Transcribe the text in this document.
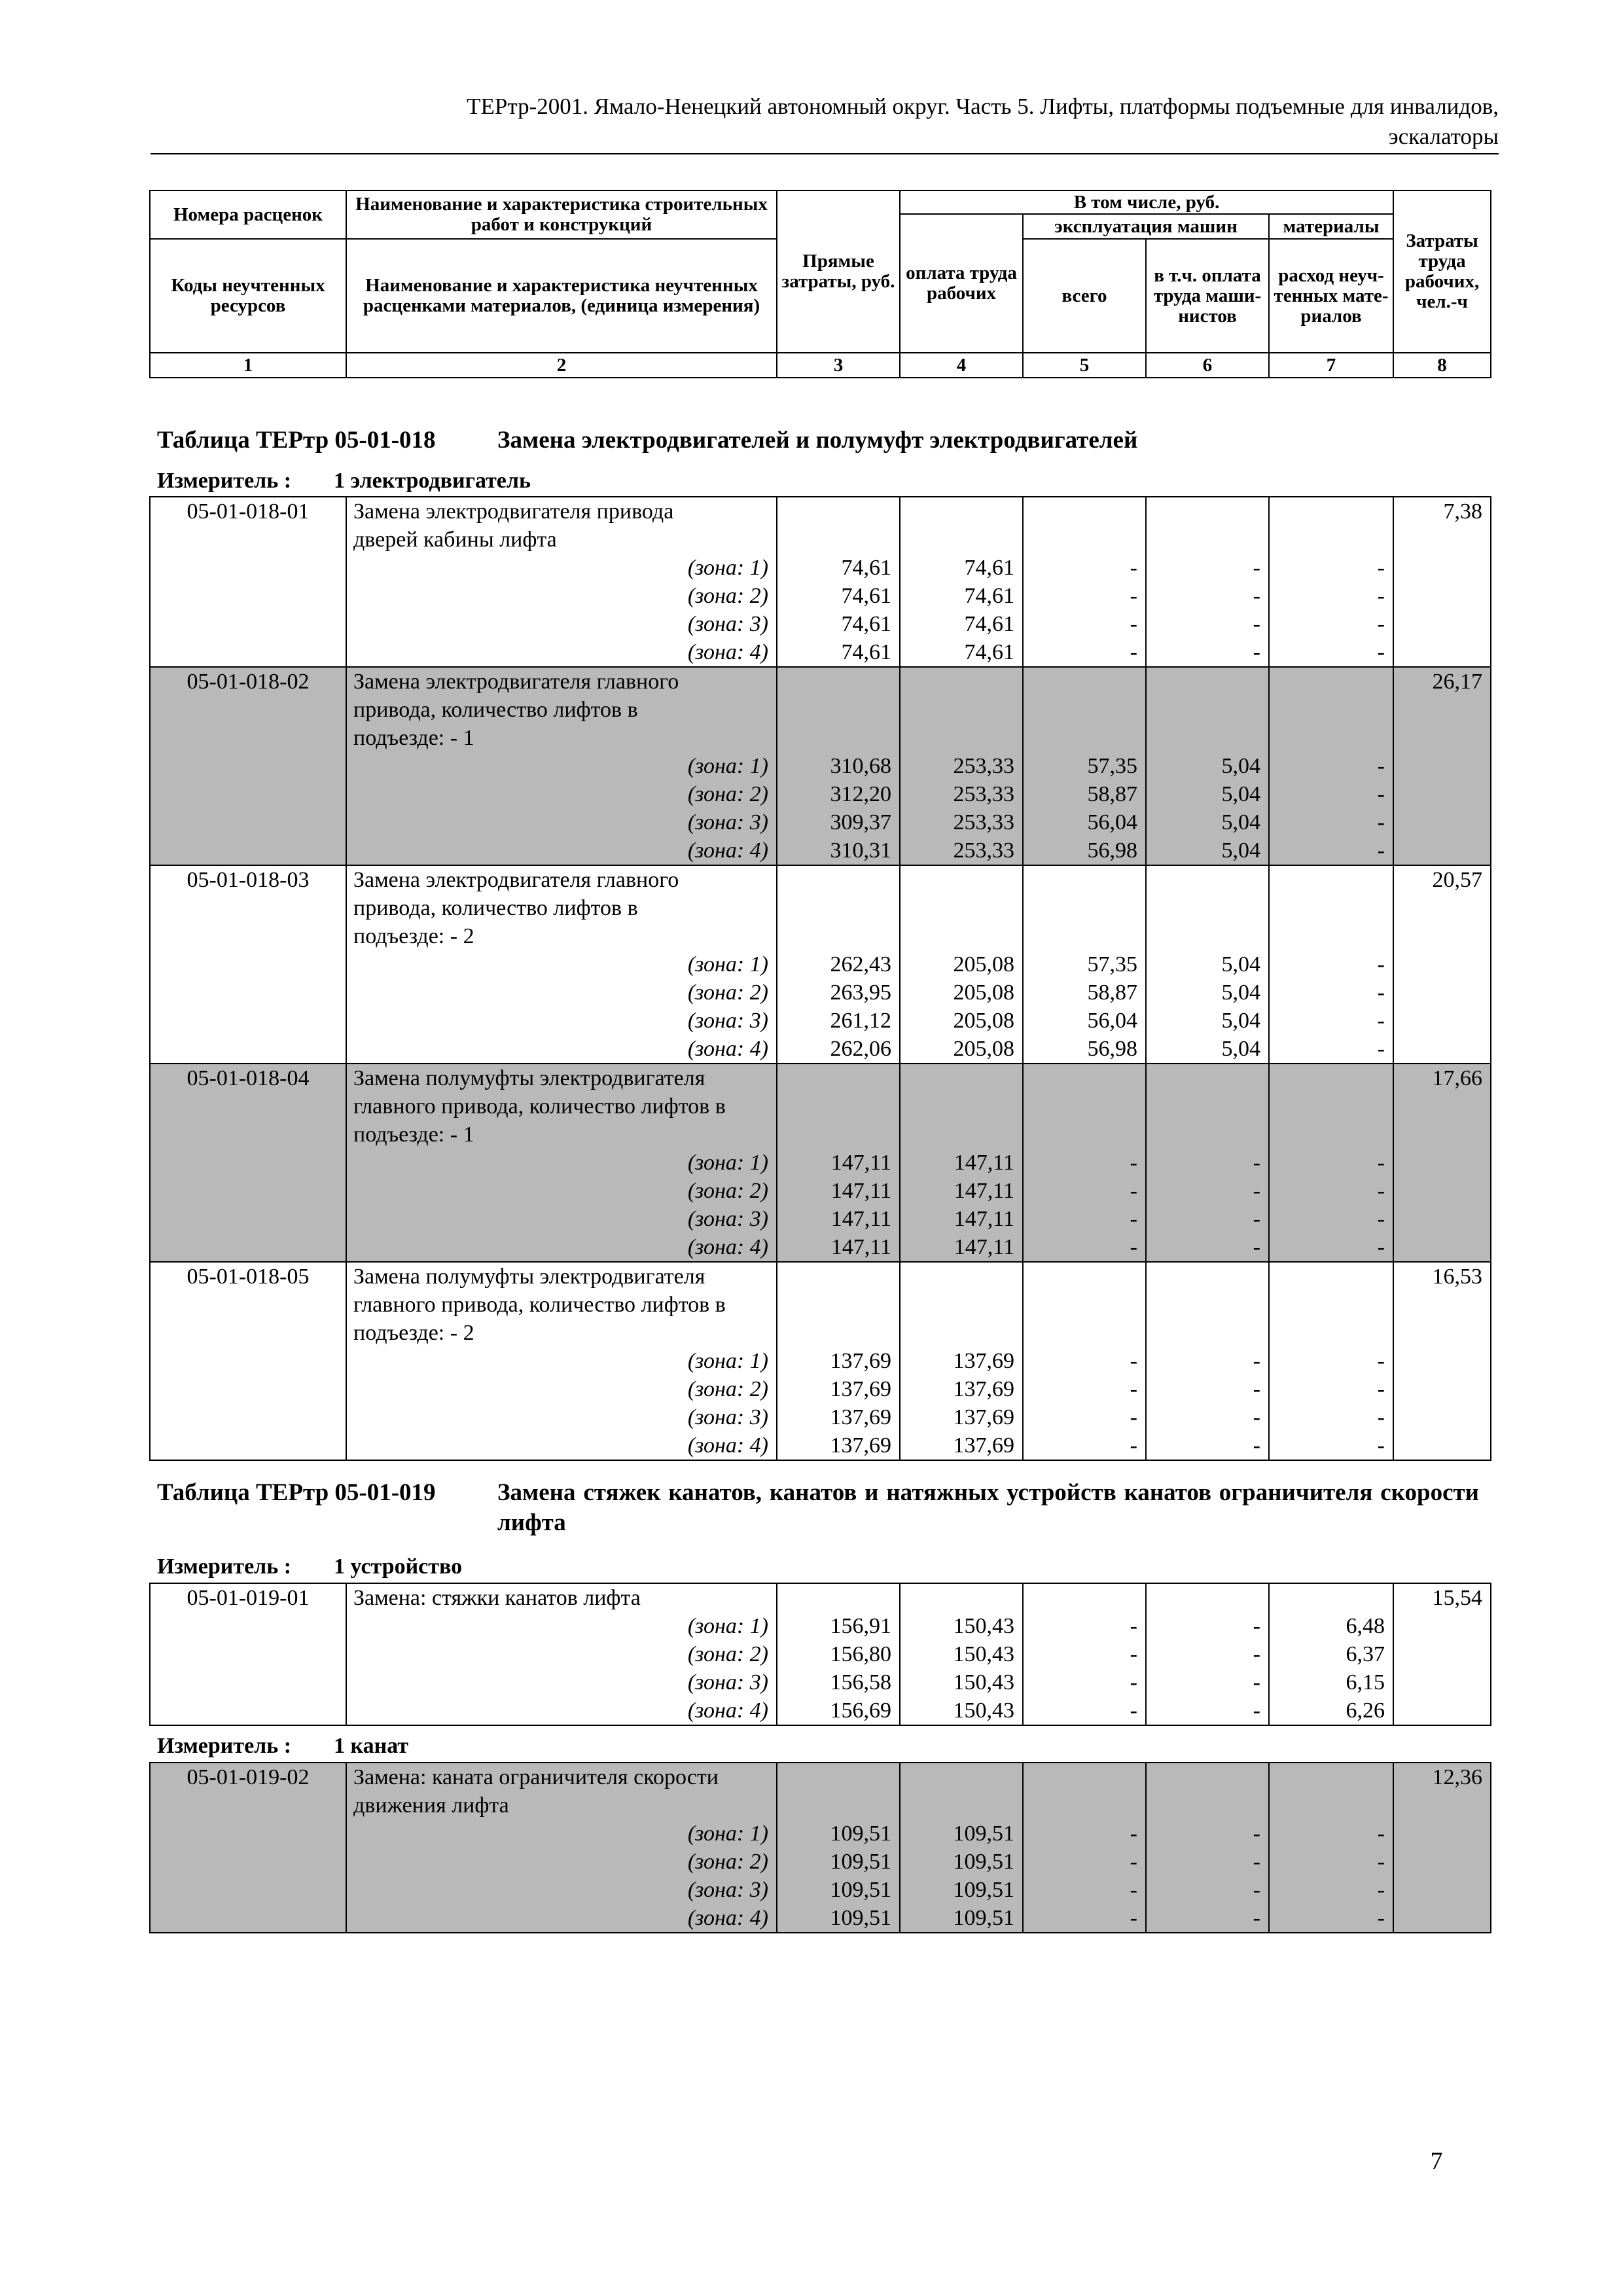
ТЕРтр-2001. Ямало-Ненецкий автономный округ. Часть 5. Лифты, платформы подъемные для инвалидов,
эскалаторы
Номера расценок	Наименование и характеристика строительных работ и конструкций	Прямые затраты, руб.	В том числе, руб.				Затраты труда рабочих, чел.-ч
			оплата труда рабочих	эксплуатация машин		материалы	
Коды неучтенных ресурсов	Наименование и характеристика неучтенных расценками материалов, (единица измерения)			всего	в т.ч. оплата труда маши-нистов	расход неуч-тенных мате-риалов	

1	2	3	4	5	6	7	8
Таблица ТЕРтр 05-01-018	Замена электродвигателей и полумуфт электродвигателей
Измеритель :	1 электродвигатель
05-01-018-01	Замена электродвигателя привода						7,38
	дверей кабины лифта						
	(зона: 1)	74,61	74,61	-	-	-	
	(зона: 2)	74,61	74,61	-	-	-	
	(зона: 3)	74,61	74,61	-	-	-	
	(зона: 4)	74,61	74,61	-	-	-	
05-01-018-02	Замена электродвигателя главного						26,17
	привода, количество лифтов в						
	подъезде: - 1						
	(зона: 1)	310,68	253,33	57,35	5,04	-	
	(зона: 2)	312,20	253,33	58,87	5,04	-	
	(зона: 3)	309,37	253,33	56,04	5,04	-	
	(зона: 4)	310,31	253,33	56,98	5,04	-	
05-01-018-03	Замена электродвигателя главного						20,57
	привода, количество лифтов в						
	подъезде: - 2						
	(зона: 1)	262,43	205,08	57,35	5,04	-	
	(зона: 2)	263,95	205,08	58,87	5,04	-	
	(зона: 3)	261,12	205,08	56,04	5,04	-	
	(зона: 4)	262,06	205,08	56,98	5,04	-	
05-01-018-04	Замена полумуфты электродвигателя						17,66
	главного привода, количество лифтов в						
	подъезде: - 1						
	(зона: 1)	147,11	147,11	-	-	-	
	(зона: 2)	147,11	147,11	-	-	-	
	(зона: 3)	147,11	147,11	-	-	-	
	(зона: 4)	147,11	147,11	-	-	-	
05-01-018-05	Замена полумуфты электродвигателя						16,53
	главного привода, количество лифтов в						
	подъезде: - 2						
	(зона: 1)	137,69	137,69	-	-	-	
	(зона: 2)	137,69	137,69	-	-	-	
	(зона: 3)	137,69	137,69	-	-	-	
	(зона: 4)	137,69	137,69	-	-	-	
Таблица ТЕРтр 05-01-019	Замена стяжек канатов, канатов и натяжных устройств канатов ограничителя скорости лифта
Измеритель :	1 устройство
05-01-019-01	Замена: стяжки канатов лифта						15,54
	(зона: 1)	156,91	150,43	-	-	6,48	
	(зона: 2)	156,80	150,43	-	-	6,37	
	(зона: 3)	156,58	150,43	-	-	6,15	
	(зона: 4)	156,69	150,43	-	-	6,26	
Измеритель :	1 канат
05-01-019-02	Замена: каната ограничителя скорости						12,36
	движения лифта						
	(зона: 1)	109,51	109,51	-	-	-	
	(зона: 2)	109,51	109,51	-	-	-	
	(зона: 3)	109,51	109,51	-	-	-	
	(зона: 4)	109,51	109,51	-	-	-	
7
